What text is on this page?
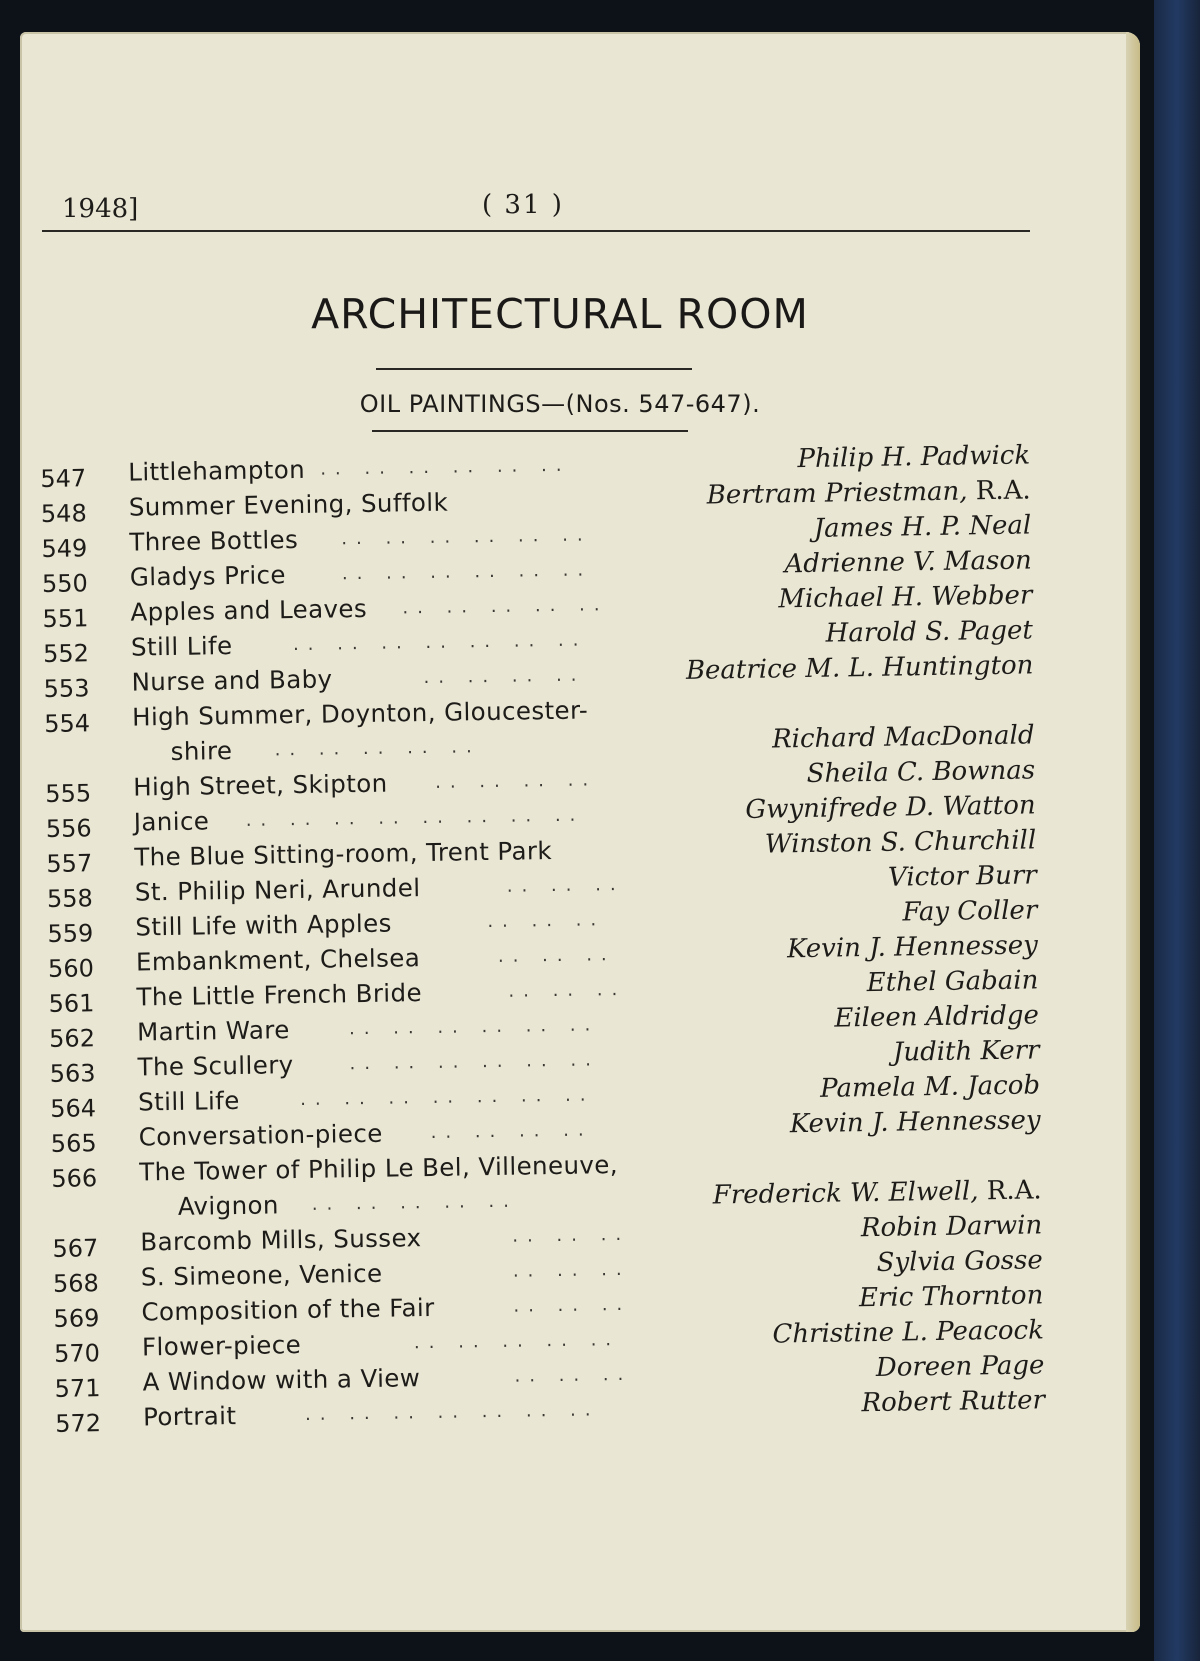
1948]	( 31 )
ARCHITECTURAL ROOM
OIL PAINTINGS—(Nos. 547-647).
547	Littlehampton .. .. .. .. .. ..	Philip H. Padwick
548	Summer Evening, Suffolk	Bertram Priestman, R.A.
549	Three Bottles .. .. .. .. .. ..	James H. P. Neal
550	Gladys Price	.. .. .. .. .. ..	Adrienne V. Mason
551	Apples and Leaves .. .. .. .. ..	Michael H. Webber
552	Still Life	.. .. .. .. .. .. ..	Harold S. Paget
553	Nurse and Baby	.. .. .. ..	Beatrice M. L. Huntington
554	High Summer, Doynton, Gloucester-
shire .. .. .. .. ..	Richard MacDonald
555	High Street, Skipton	.. .. .. ..	Sheila C. Bownas
556	Janice .. .. .. .. .. .. .. ..	Gwynifrede D. Watton
557	The Blue Sitting-room, Trent Park	Winston S. Churchill
558	St. Philip Neri, Arundel	.. .. ..	Victor Burr
559	Still Life with Apples	.. .. ..	Fay Coller
560	Embankment, Chelsea	.. .. ..	Kevin J. Hennessey
561	The Little French Bride	.. .. ..	Ethel Gabain
562	Martin Ware	.. .. .. .. .. ..	Eileen Aldridge
563	The Scullery	.. .. .. .. .. ..	Judith Kerr
564	Still Life	.. .. .. .. .. .. ..	Pamela M. Jacob
565	Conversation-piece	.. .. .. ..	Kevin J. Hennessey
566	The Tower of Philip Le Bel, Villeneuve,
Avignon .. .. .. .. ..	Frederick W. Elwell, R.A.
567	Barcomb Mills, Sussex	.. .. ..	Robin Darwin
568	S. Simeone, Venice	.. .. ..	Sylvia Gosse
569	Composition of the Fair	.. .. ..	Eric Thornton
570	Flower-piece	.. .. .. .. ..	Christine L. Peacock
571	A Window with a View	.. .. ..	Doreen Page
572	Portrait	.. .. .. .. .. .. ..	Robert Rutter
